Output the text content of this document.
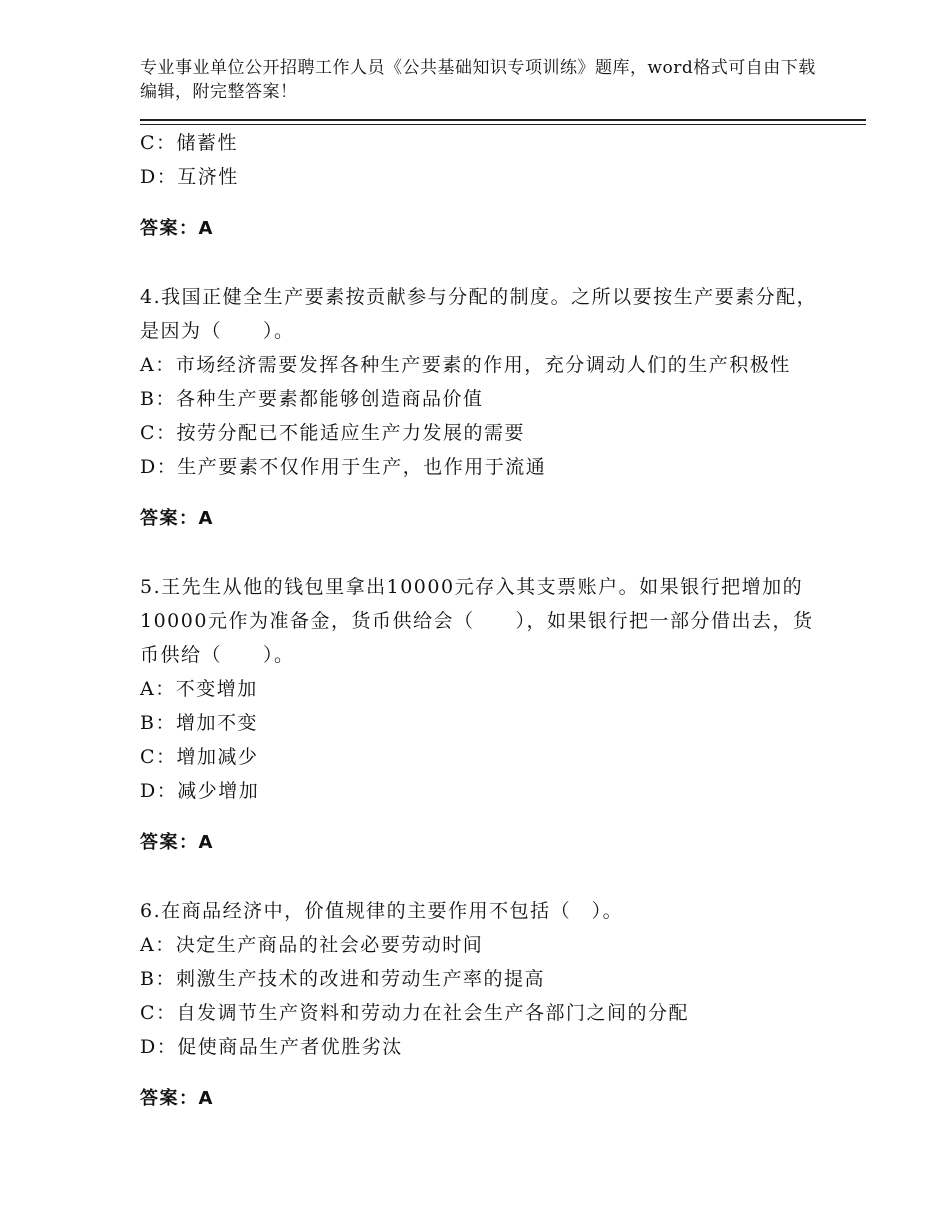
专业事业单位公开招聘工作人员《公共基础知识专项训练》题库，word格式可自由下载编辑，附完整答案！

C：储蓄性

D：互济性

答案：A

4.我国正健全生产要素按贡献参与分配的制度。之所以要按生产要素分配，是因为（　　）。

A：市场经济需要发挥各种生产要素的作用，充分调动人们的生产积极性

B：各种生产要素都能够创造商品价值

C：按劳分配已不能适应生产力发展的需要

D：生产要素不仅作用于生产，也作用于流通

答案：A

5.王先生从他的钱包里拿出10000元存入其支票账户。如果银行把增加的10000元作为准备金，货币供给会（　　），如果银行把一部分借出去，货币供给（　　）。

A：不变增加

B：增加不变

C：增加减少

D：减少增加

答案：A

6.在商品经济中，价值规律的主要作用不包括（　）。

A：决定生产商品的社会必要劳动时间

B：刺激生产技术的改进和劳动生产率的提高

C：自发调节生产资料和劳动力在社会生产各部门之间的分配

D：促使商品生产者优胜劣汰

答案：A
